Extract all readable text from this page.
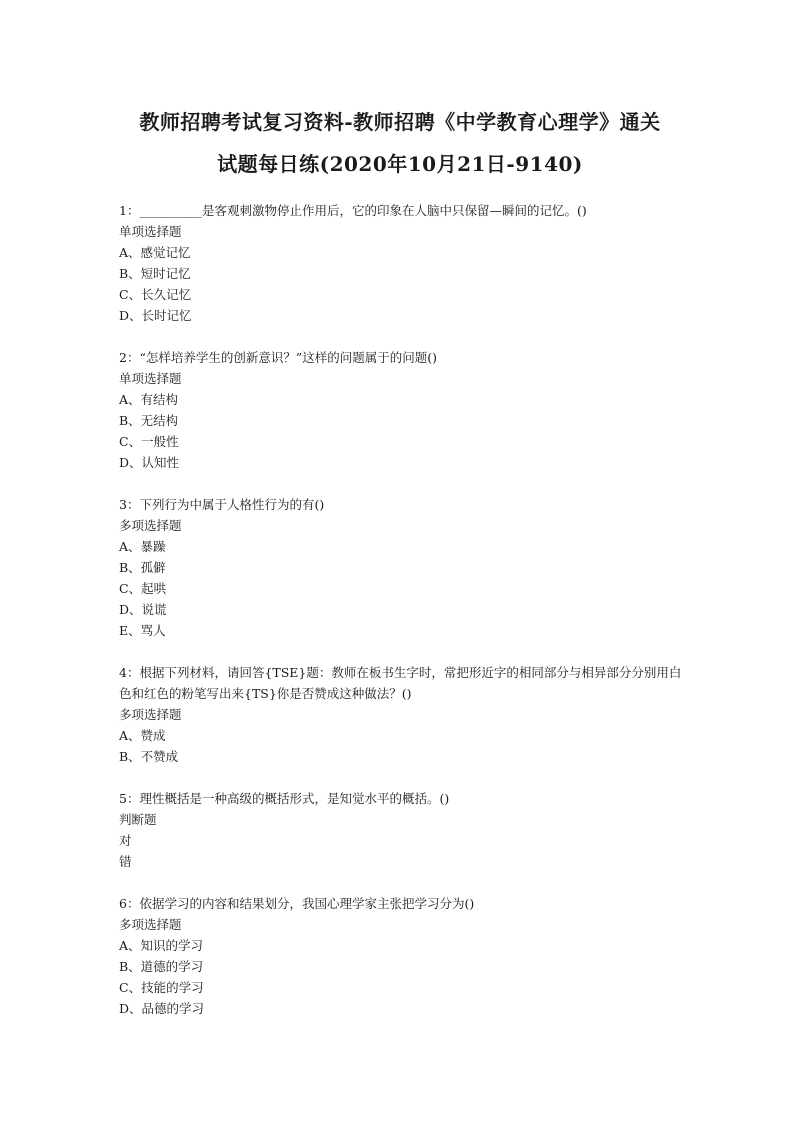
教师招聘考试复习资料-教师招聘《中学教育心理学》通关
试题每日练(2020年10月21日-9140)
1：__________是客观刺激物停止作用后，它的印象在人脑中只保留—瞬间的记忆。()
单项选择题
A、感觉记忆
B、短时记忆
C、长久记忆
D、长时记忆
2：“怎样培养学生的创新意识？”这样的问题属于的问题()
单项选择题
A、有结构
B、无结构
C、一般性
D、认知性
3：下列行为中属于人格性行为的有()
多项选择题
A、暴躁
B、孤僻
C、起哄
D、说谎
E、骂人
4：根据下列材料，请回答{TSE}题：教师在板书生字时，常把形近字的相同部分与相异部分分别用白色和红色的粉笔写出来{TS}你是否赞成这种做法？()
多项选择题
A、赞成
B、不赞成
5：理性概括是一种高级的概括形式，是知觉水平的概括。()
判断题
对
错
6：依据学习的内容和结果划分，我国心理学家主张把学习分为()
多项选择题
A、知识的学习
B、道德的学习
C、技能的学习
D、品德的学习
